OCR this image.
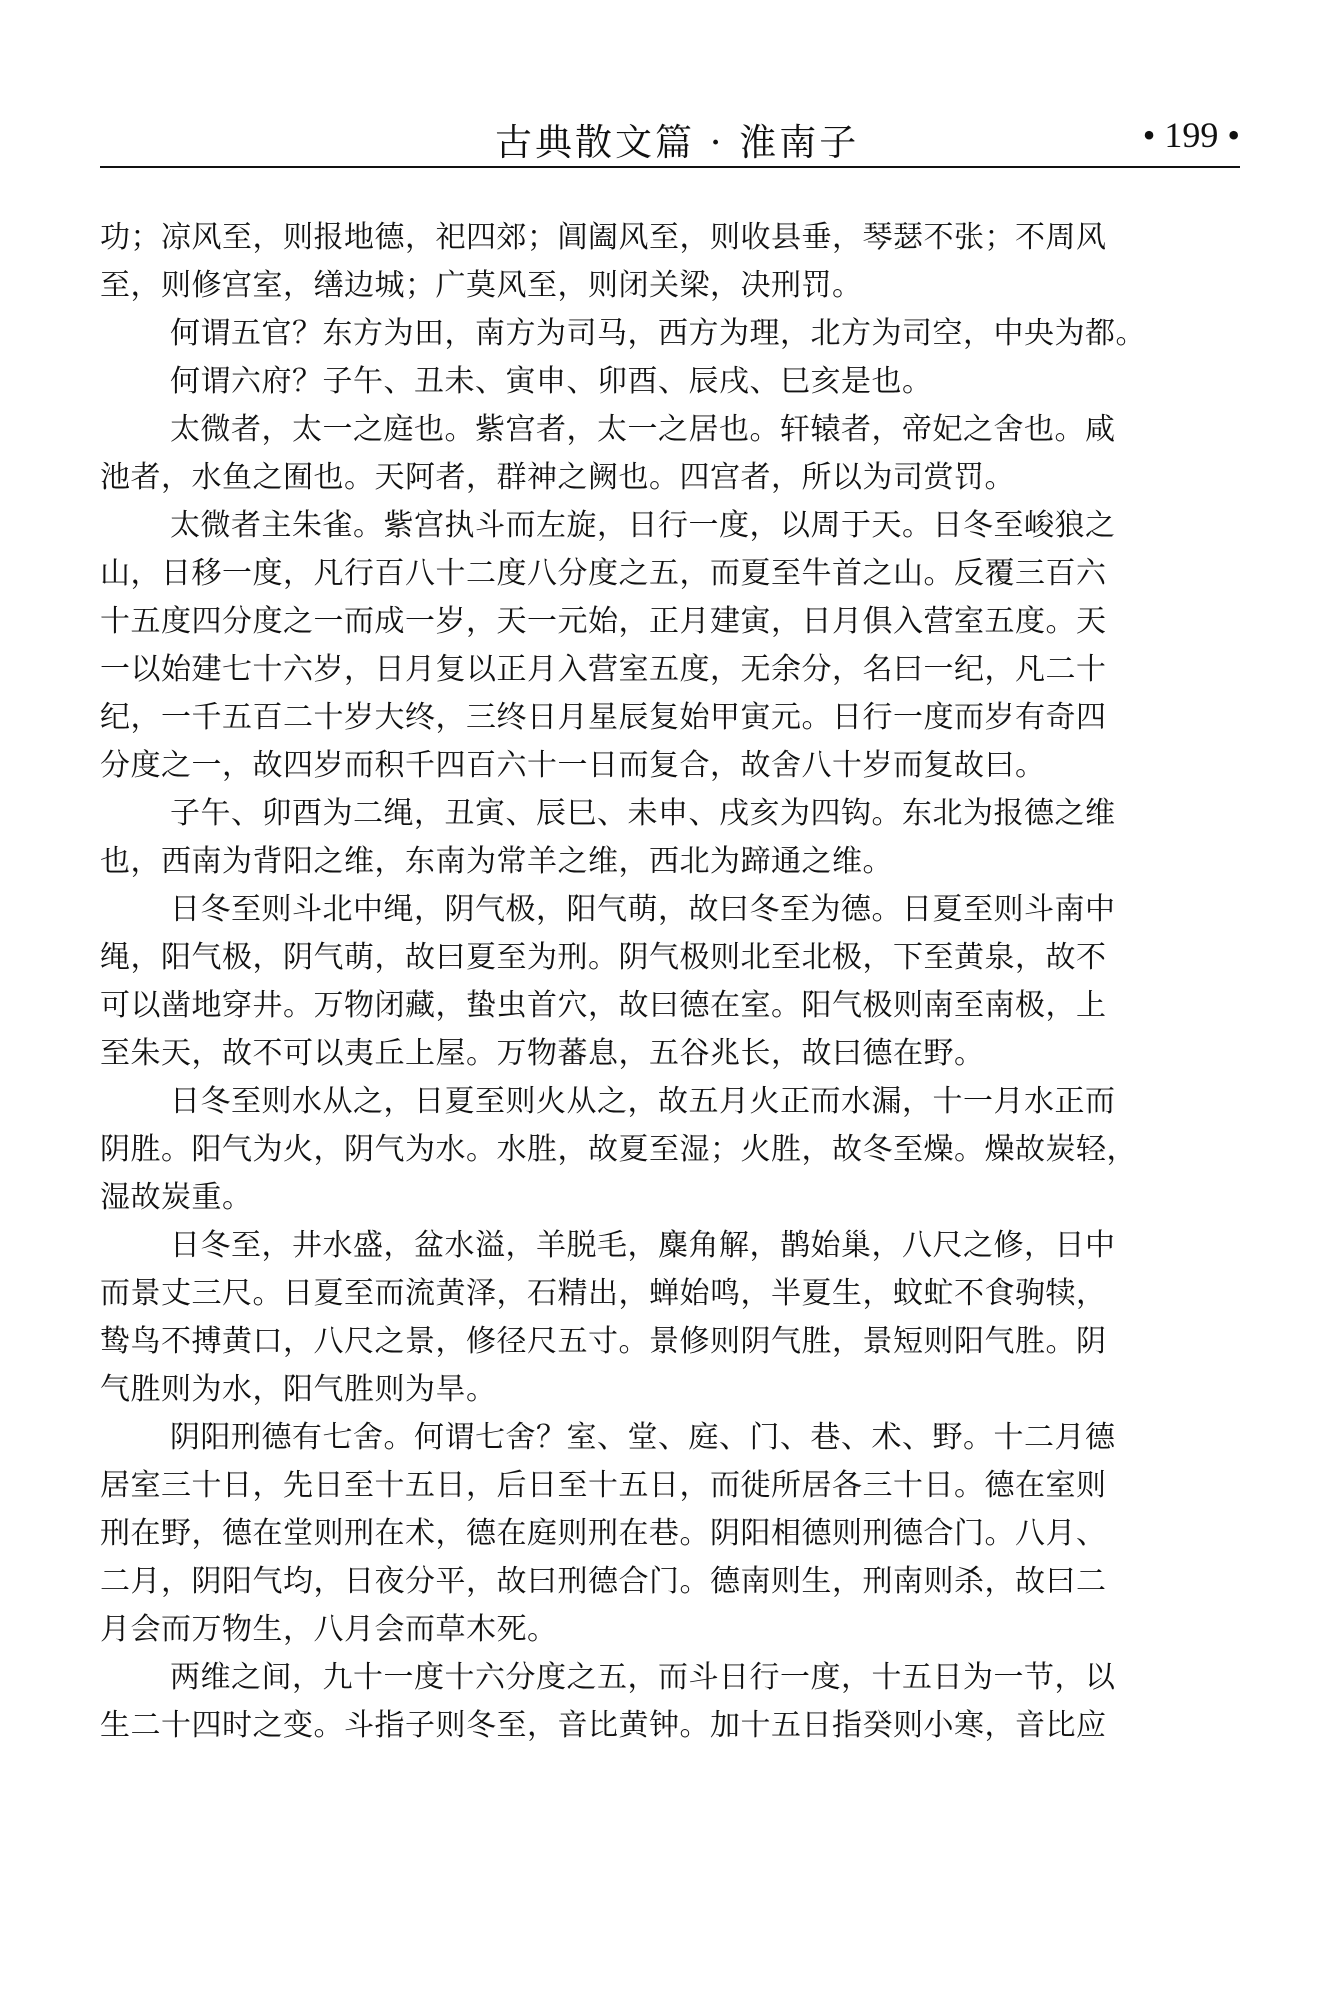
古典散文篇 · 淮南子	• 199 •
功；凉风至，则报地德，祀四郊；阊阖风至，则收县垂，琴瑟不张；不周风
至，则修宫室，缮边城；广莫风至，则闭关梁，决刑罚。
何谓五官？东方为田，南方为司马，西方为理，北方为司空，中央为都。
何谓六府？子午、丑未、寅申、卯酉、辰戌、巳亥是也。
太微者，太一之庭也。紫宫者，太一之居也。轩辕者，帝妃之舍也。咸
池者，水鱼之囿也。天阿者，群神之阙也。四宫者，所以为司赏罚。
太微者主朱雀。紫宫执斗而左旋，日行一度，以周于天。日冬至峻狼之
山，日移一度，凡行百八十二度八分度之五，而夏至牛首之山。反覆三百六
十五度四分度之一而成一岁，天一元始，正月建寅，日月俱入营室五度。天
一以始建七十六岁，日月复以正月入营室五度，无余分，名曰一纪，凡二十
纪，一千五百二十岁大终，三终日月星辰复始甲寅元。日行一度而岁有奇四
分度之一，故四岁而积千四百六十一日而复合，故舍八十岁而复故曰。
子午、卯酉为二绳，丑寅、辰巳、未申、戌亥为四钩。东北为报德之维
也，西南为背阳之维，东南为常羊之维，西北为蹄通之维。
日冬至则斗北中绳，阴气极，阳气萌，故曰冬至为德。日夏至则斗南中
绳，阳气极，阴气萌，故曰夏至为刑。阴气极则北至北极，下至黄泉，故不
可以凿地穿井。万物闭藏，蛰虫首穴，故曰德在室。阳气极则南至南极，上
至朱天，故不可以夷丘上屋。万物蕃息，五谷兆长，故曰德在野。
日冬至则水从之，日夏至则火从之，故五月火正而水漏，十一月水正而
阴胜。阳气为火，阴气为水。水胜，故夏至湿；火胜，故冬至燥。燥故炭轻，
湿故炭重。
日冬至，井水盛，盆水溢，羊脱毛，麋角解，鹊始巢，八尺之修，日中
而景丈三尺。日夏至而流黄泽，石精出，蝉始鸣，半夏生，蚊虻不食驹犊，
鸷鸟不搏黄口，八尺之景，修径尺五寸。景修则阴气胜，景短则阳气胜。阴
气胜则为水，阳气胜则为旱。
阴阳刑德有七舍。何谓七舍？室、堂、庭、门、巷、术、野。十二月德
居室三十日，先日至十五日，后日至十五日，而徙所居各三十日。德在室则
刑在野，德在堂则刑在术，德在庭则刑在巷。阴阳相德则刑德合门。八月、
二月，阴阳气均，日夜分平，故曰刑德合门。德南则生，刑南则杀，故曰二
月会而万物生，八月会而草木死。
两维之间，九十一度十六分度之五，而斗日行一度，十五日为一节，以
生二十四时之变。斗指子则冬至，音比黄钟。加十五日指癸则小寒，音比应
